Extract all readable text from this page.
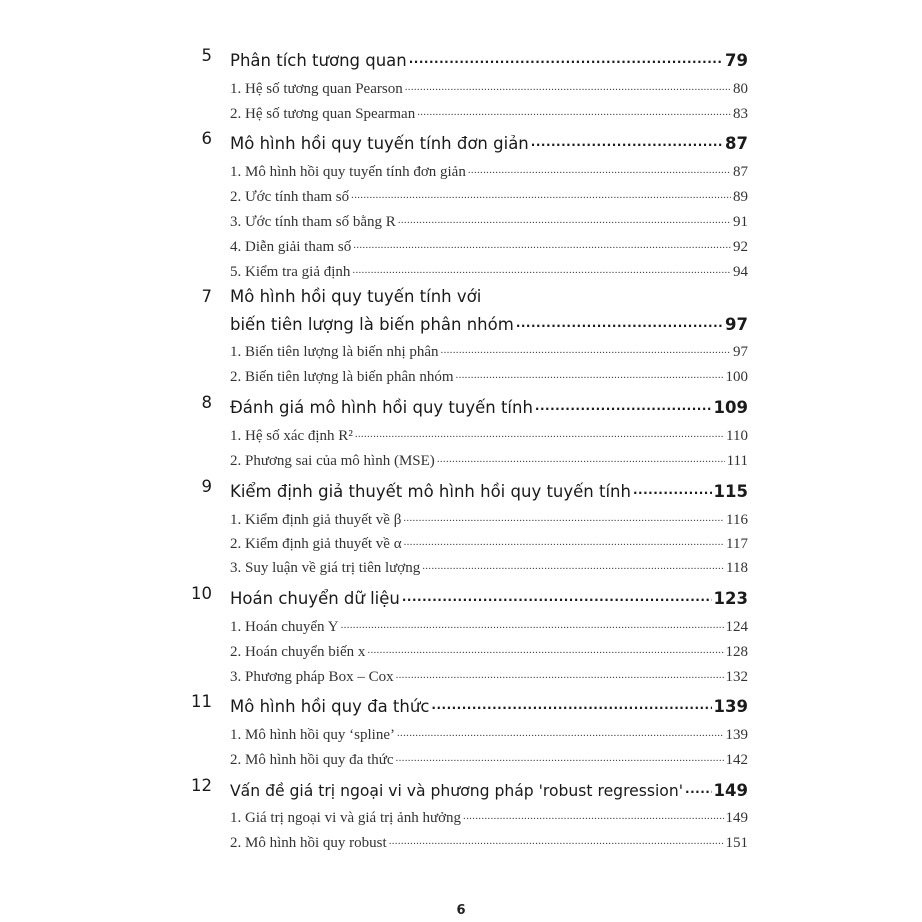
5 Phân tích tương quan .....	79
1. Hệ số tương quan Pearson .....	80
2. Hệ số tương quan Spearman .....	83
6 Mô hình hồi quy tuyến tính đơn giản .....	87
1. Mô hình hồi quy tuyến tính đơn giản .....	87
2. Ước tính tham số .....	89
3. Ước tính tham số bằng R .....	91
4. Diễn giải tham số .....	92
5. Kiểm tra giả định .....	94
7 Mô hình hồi quy tuyến tính với
biến tiên lượng là biến phân nhóm .....	97
1. Biến tiên lượng là biến nhị phân .....	97
2. Biến tiên lượng là biến phân nhóm .....	100
8 Đánh giá mô hình hồi quy tuyến tính .....	109
1. Hệ số xác định R² .....	110
2. Phương sai của mô hình (MSE) .....	111
9 Kiểm định giả thuyết mô hình hồi quy tuyến tính .....	115
1. Kiểm định giả thuyết về β .....	116
2. Kiểm định giả thuyết về α .....	117
3. Suy luận về giá trị tiên lượng .....	118
10 Hoán chuyển dữ liệu .....	123
1. Hoán chuyển Y .....	124
2. Hoán chuyển biến x .....	128
3. Phương pháp Box – Cox .....	132
11 Mô hình hồi quy đa thức .....	139
1. Mô hình hồi quy ‘spline’ .....	139
2. Mô hình hồi quy đa thức .....	142
12 Vấn đề giá trị ngoại vi và phương pháp 'robust regression' ..... 149
1. Giá trị ngoại vi và giá trị ảnh hưởng .....	149
2. Mô hình hồi quy robust .....	151
6
